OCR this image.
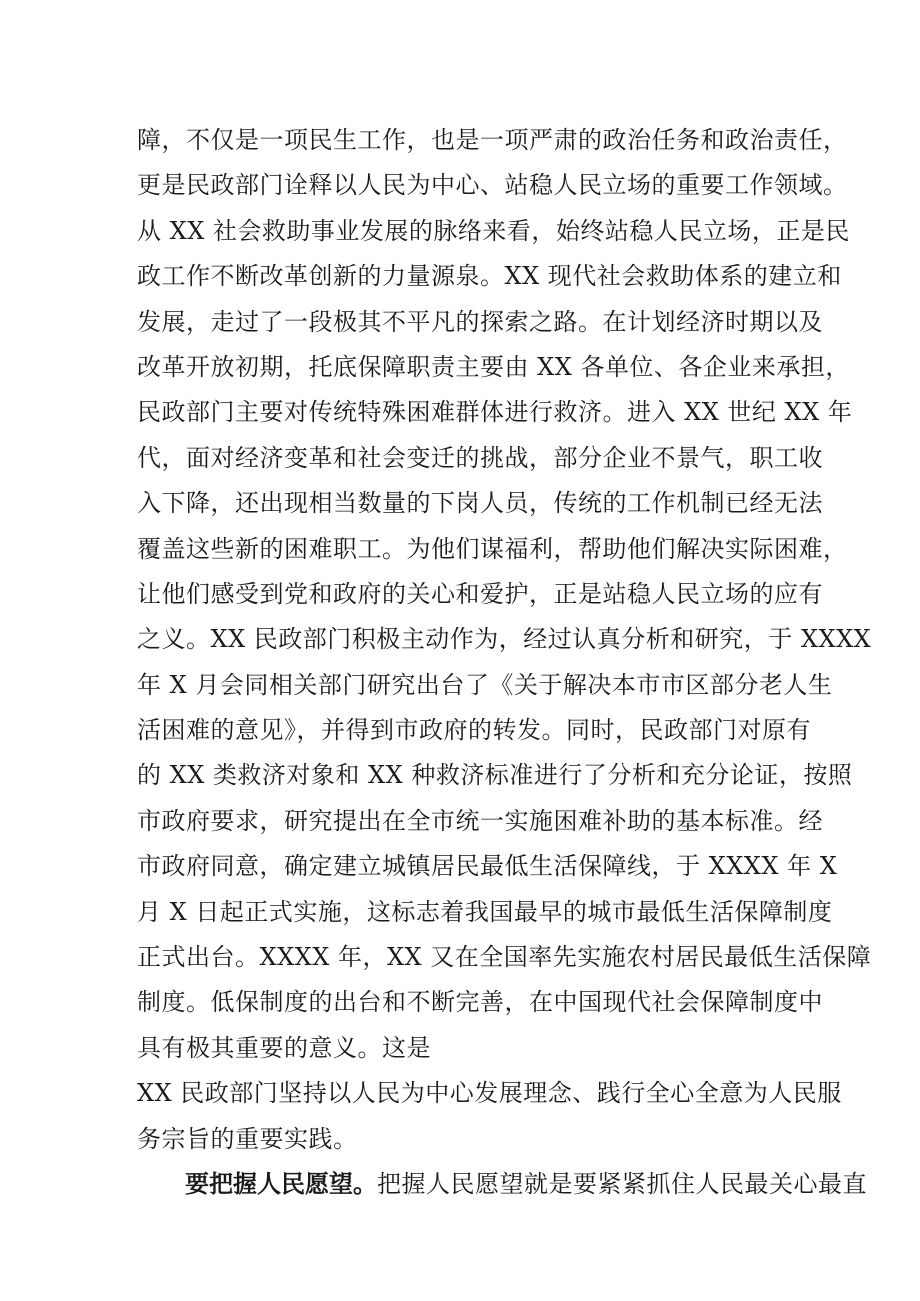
障，不仅是一项民生工作，也是一项严肃的政治任务和政治责任，
更是民政部门诠释以人民为中心、站稳人民立场的重要工作领域。
从 XX 社会救助事业发展的脉络来看，始终站稳人民立场，正是民
政工作不断改革创新的力量源泉。XX 现代社会救助体系的建立和
发展，走过了一段极其不平凡的探索之路。在计划经济时期以及
改革开放初期，托底保障职责主要由 XX 各单位、各企业来承担，
民政部门主要对传统特殊困难群体进行救济。进入 XX 世纪 XX 年
代，面对经济变革和社会变迁的挑战，部分企业不景气，职工收
入下降，还出现相当数量的下岗人员，传统的工作机制已经无法
覆盖这些新的困难职工。为他们谋福利，帮助他们解决实际困难，
让他们感受到党和政府的关心和爱护，正是站稳人民立场的应有
之义。XX 民政部门积极主动作为，经过认真分析和研究，于 XXXX
年 X 月会同相关部门研究出台了《关于解决本市市区部分老人生
活困难的意见》，并得到市政府的转发。同时，民政部门对原有
的 XX 类救济对象和 XX 种救济标准进行了分析和充分论证，按照
市政府要求，研究提出在全市统一实施困难补助的基本标准。经
市政府同意，确定建立城镇居民最低生活保障线，于 XXXX 年 X
月 X 日起正式实施，这标志着我国最早的城市最低生活保障制度
正式出台。XXXX 年，XX 又在全国率先实施农村居民最低生活保障
制度。低保制度的出台和不断完善，在中国现代社会保障制度中
具有极其重要的意义。这是
XX 民政部门坚持以人民为中心发展理念、践行全心全意为人民服
务宗旨的重要实践。
要把握人民愿望。把握人民愿望就是要紧紧抓住人民最关心最直
